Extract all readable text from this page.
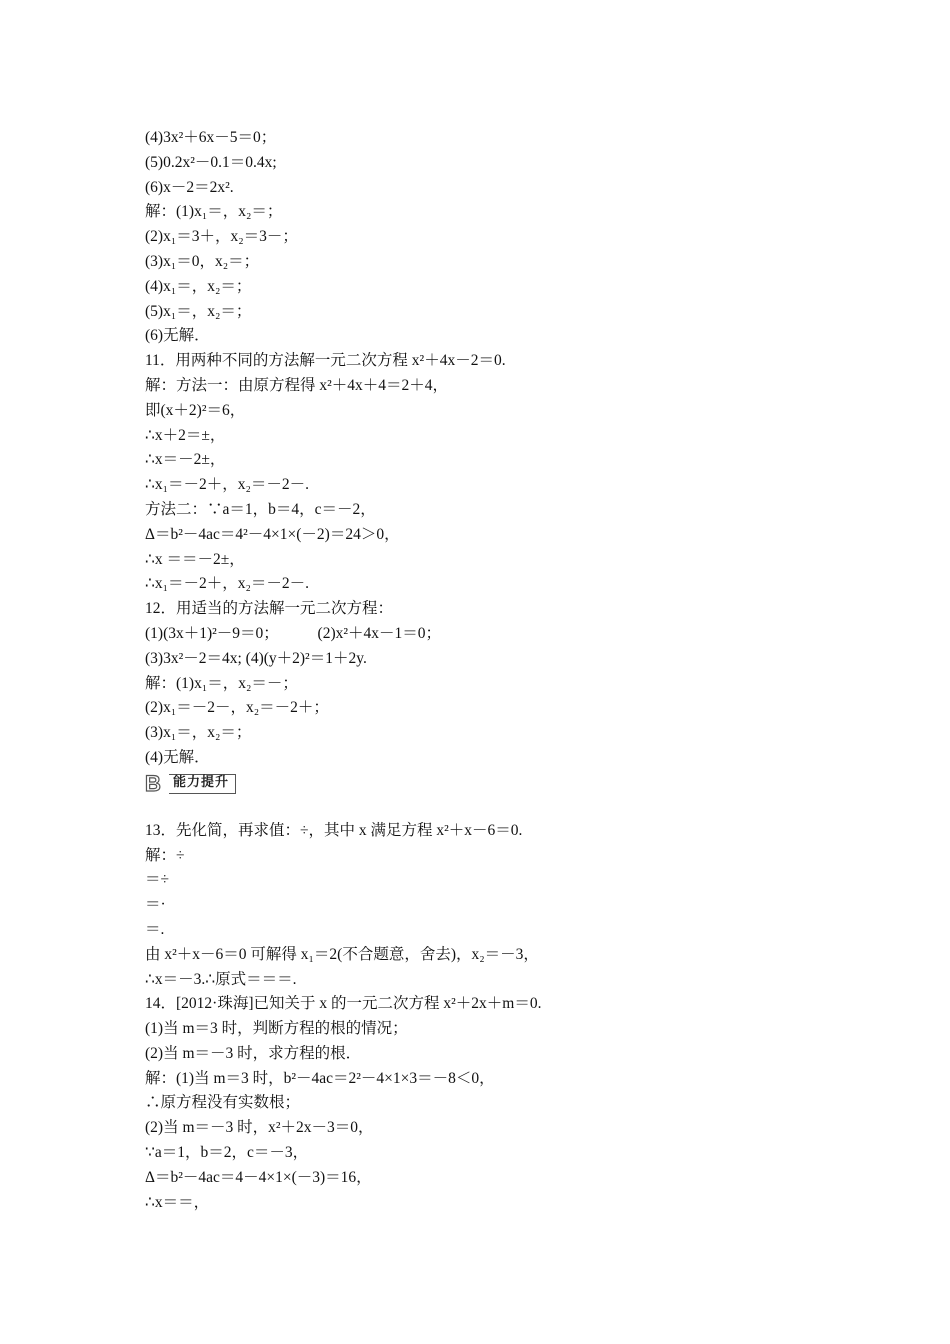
(4)3x²＋6x－5＝0；
(5)0.2x²－0.1＝0.4x;
(6)x－2＝2x².
解：(1)x₁＝，x₂＝；
(2)x₁＝3＋，x₂＝3－；
(3)x₁＝0，x₂＝；
(4)x₁＝，x₂＝；
(5)x₁＝，x₂＝；
(6)无解．
11．用两种不同的方法解一元二次方程 x²＋4x－2＝0.
解：方法一：由原方程得 x²＋4x＋4＝2＋4，
即(x＋2)²＝6，
∴x＋2＝±，
∴x＝－2±，
∴x₁＝－2＋，x₂＝－2－.
方法二：∵a＝1，b＝4，c＝－2，
Δ＝b²－4ac＝4²－4×1×(－2)＝24＞0，
∴x ＝＝－2±，
∴x₁＝－2＋，x₂＝－2－.
12．用适当的方法解一元二次方程：
(1)(3x＋1)²－9＝0；　　　(2)x²＋4x－1＝0；
(3)3x²－2＝4x; (4)(y＋2)²＝1＋2y.
解：(1)x₁＝，x₂＝－；
(2)x₁＝－2－，x₂＝－2＋；
(3)x₁＝，x₂＝；
(4)无解．
B 能力提升
13．先化简，再求值：÷，其中 x 满足方程 x²＋x－6＝0.
解：÷
＝÷
＝·
＝.
由 x²＋x－6＝0 可解得 x₁＝2(不合题意，舍去)，x₂＝－3，
∴x＝－3.∴原式＝＝＝.
14．[2012·珠海]已知关于 x 的一元二次方程 x²＋2x＋m＝0.
(1)当 m＝3 时，判断方程的根的情况；
(2)当 m＝－3 时，求方程的根．
解：(1)当 m＝3 时，b²－4ac＝2²－4×1×3＝－8＜0，
∴原方程没有实数根；
(2)当 m＝－3 时，x²＋2x－3＝0，
∵a＝1，b＝2，c＝－3，
Δ＝b²－4ac＝4－4×1×(－3)＝16，
∴x＝＝，
